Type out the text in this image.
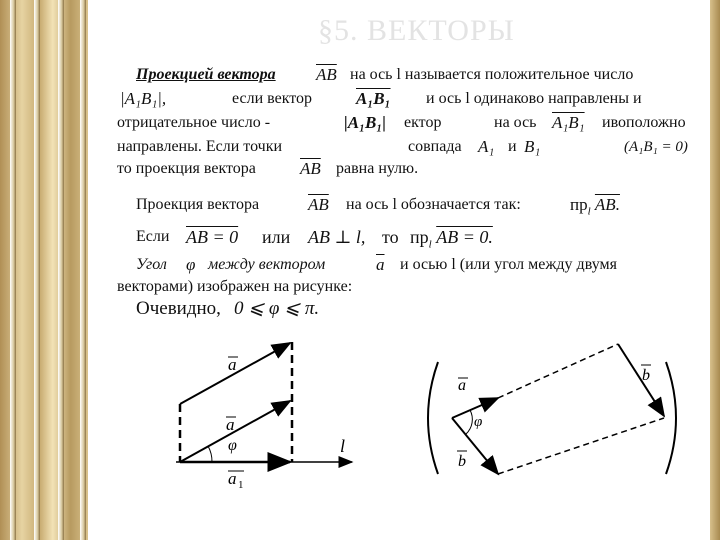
§5. ВЕКТОРЫ
Проекцией вектора $\overline{AB}$ на ось l называется положительное число
|A₁B₁|,	если вектор	A₁B₁ и ось l одинаково направлены и
отрицательное число -	|A₁B₁| ектор	на ось A₁B₁ ивоположно
направлены. Если точки	совпада A₁ и B₁	(A₁B₁ = 0)
то проекция вектора	$\overline{AB}$ равна нулю.
Проекция вектора	$\overline{AB}$ на ось l обозначается так:	$пр_l$ AB.
Если AB = 0 или AB ⊥ l, то $пр_l$ AB = 0.
Угол φ между вектором	$\overline{a}$ и осью l (или угол между двумя
векторами) изображен на рисунке:
Очевидно, 0 ⩽ φ ⩽ π.
a
a
φ	l
a 1
a
b
b
φ
